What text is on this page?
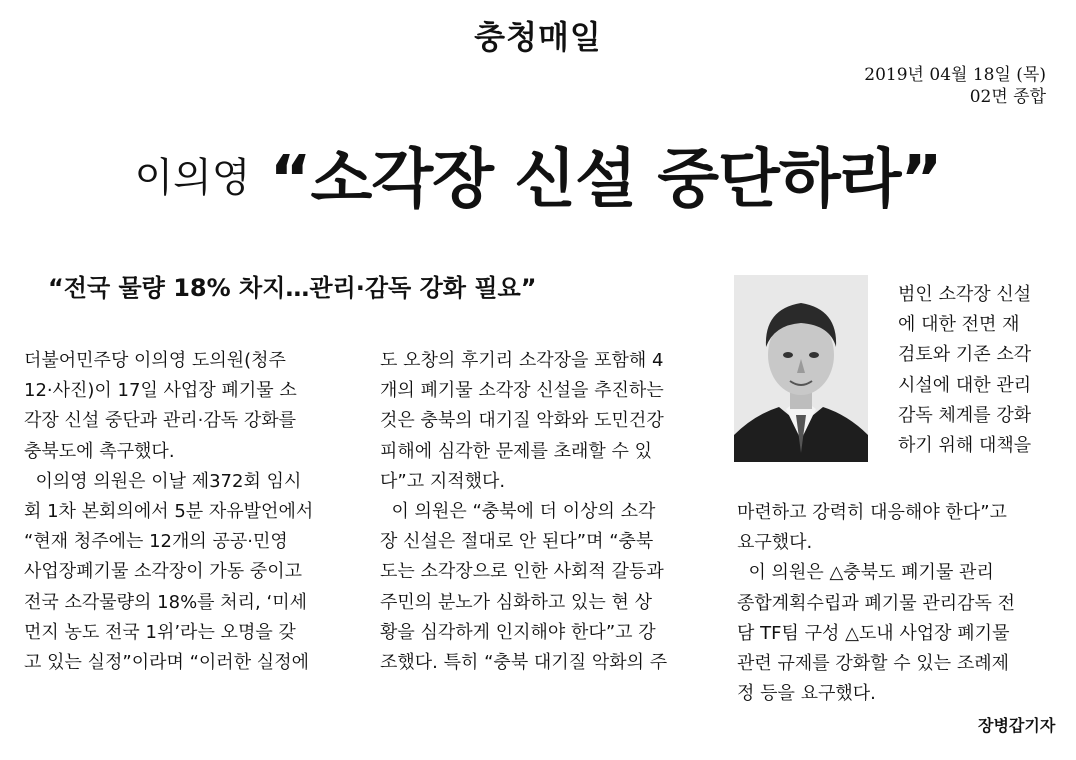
충청매일
2019년 04월 18일 (목)
02면 종합
이의영 “소각장 신설 중단하라”
“전국 물량 18% 차지…관리·감독 강화 필요”
더불어민주당 이의영 도의원(청주
12·사진)이 17일 사업장 폐기물 소
각장 신설 중단과 관리·감독 강화를
충북도에 촉구했다.
이의영 의원은 이날 제372회 임시
회 1차 본회의에서 5분 자유발언에서
“현재 청주에는 12개의 공공·민영
사업장폐기물 소각장이 가동 중이고
전국 소각물량의 18%를 처리, ‘미세
먼지 농도 전국 1위’라는 오명을 갖
고 있는 실정”이라며 “이러한 실정에
도 오창의 후기리 소각장을 포함해 4
개의 폐기물 소각장 신설을 추진하는
것은 충북의 대기질 악화와 도민건강
피해에 심각한 문제를 초래할 수 있
다”고 지적했다.
이 의원은 “충북에 더 이상의 소각
장 신설은 절대로 안 된다”며 “충북
도는 소각장으로 인한 사회적 갈등과
주민의 분노가 심화하고 있는 현 상
황을 심각하게 인지해야 한다”고 강
조했다. 특히 “충북 대기질 악화의 주
범인 소각장 신설
에 대한 전면 재
검토와 기존 소각
시설에 대한 관리
감독 체계를 강화
하기 위해 대책을
마련하고 강력히 대응해야 한다”고
요구했다.
이 의원은 △충북도 폐기물 관리
종합계획수립과 폐기물 관리감독 전
담 TF팀 구성 △도내 사업장 폐기물
관련 규제를 강화할 수 있는 조례제
정 등을 요구했다.
장병갑기자
